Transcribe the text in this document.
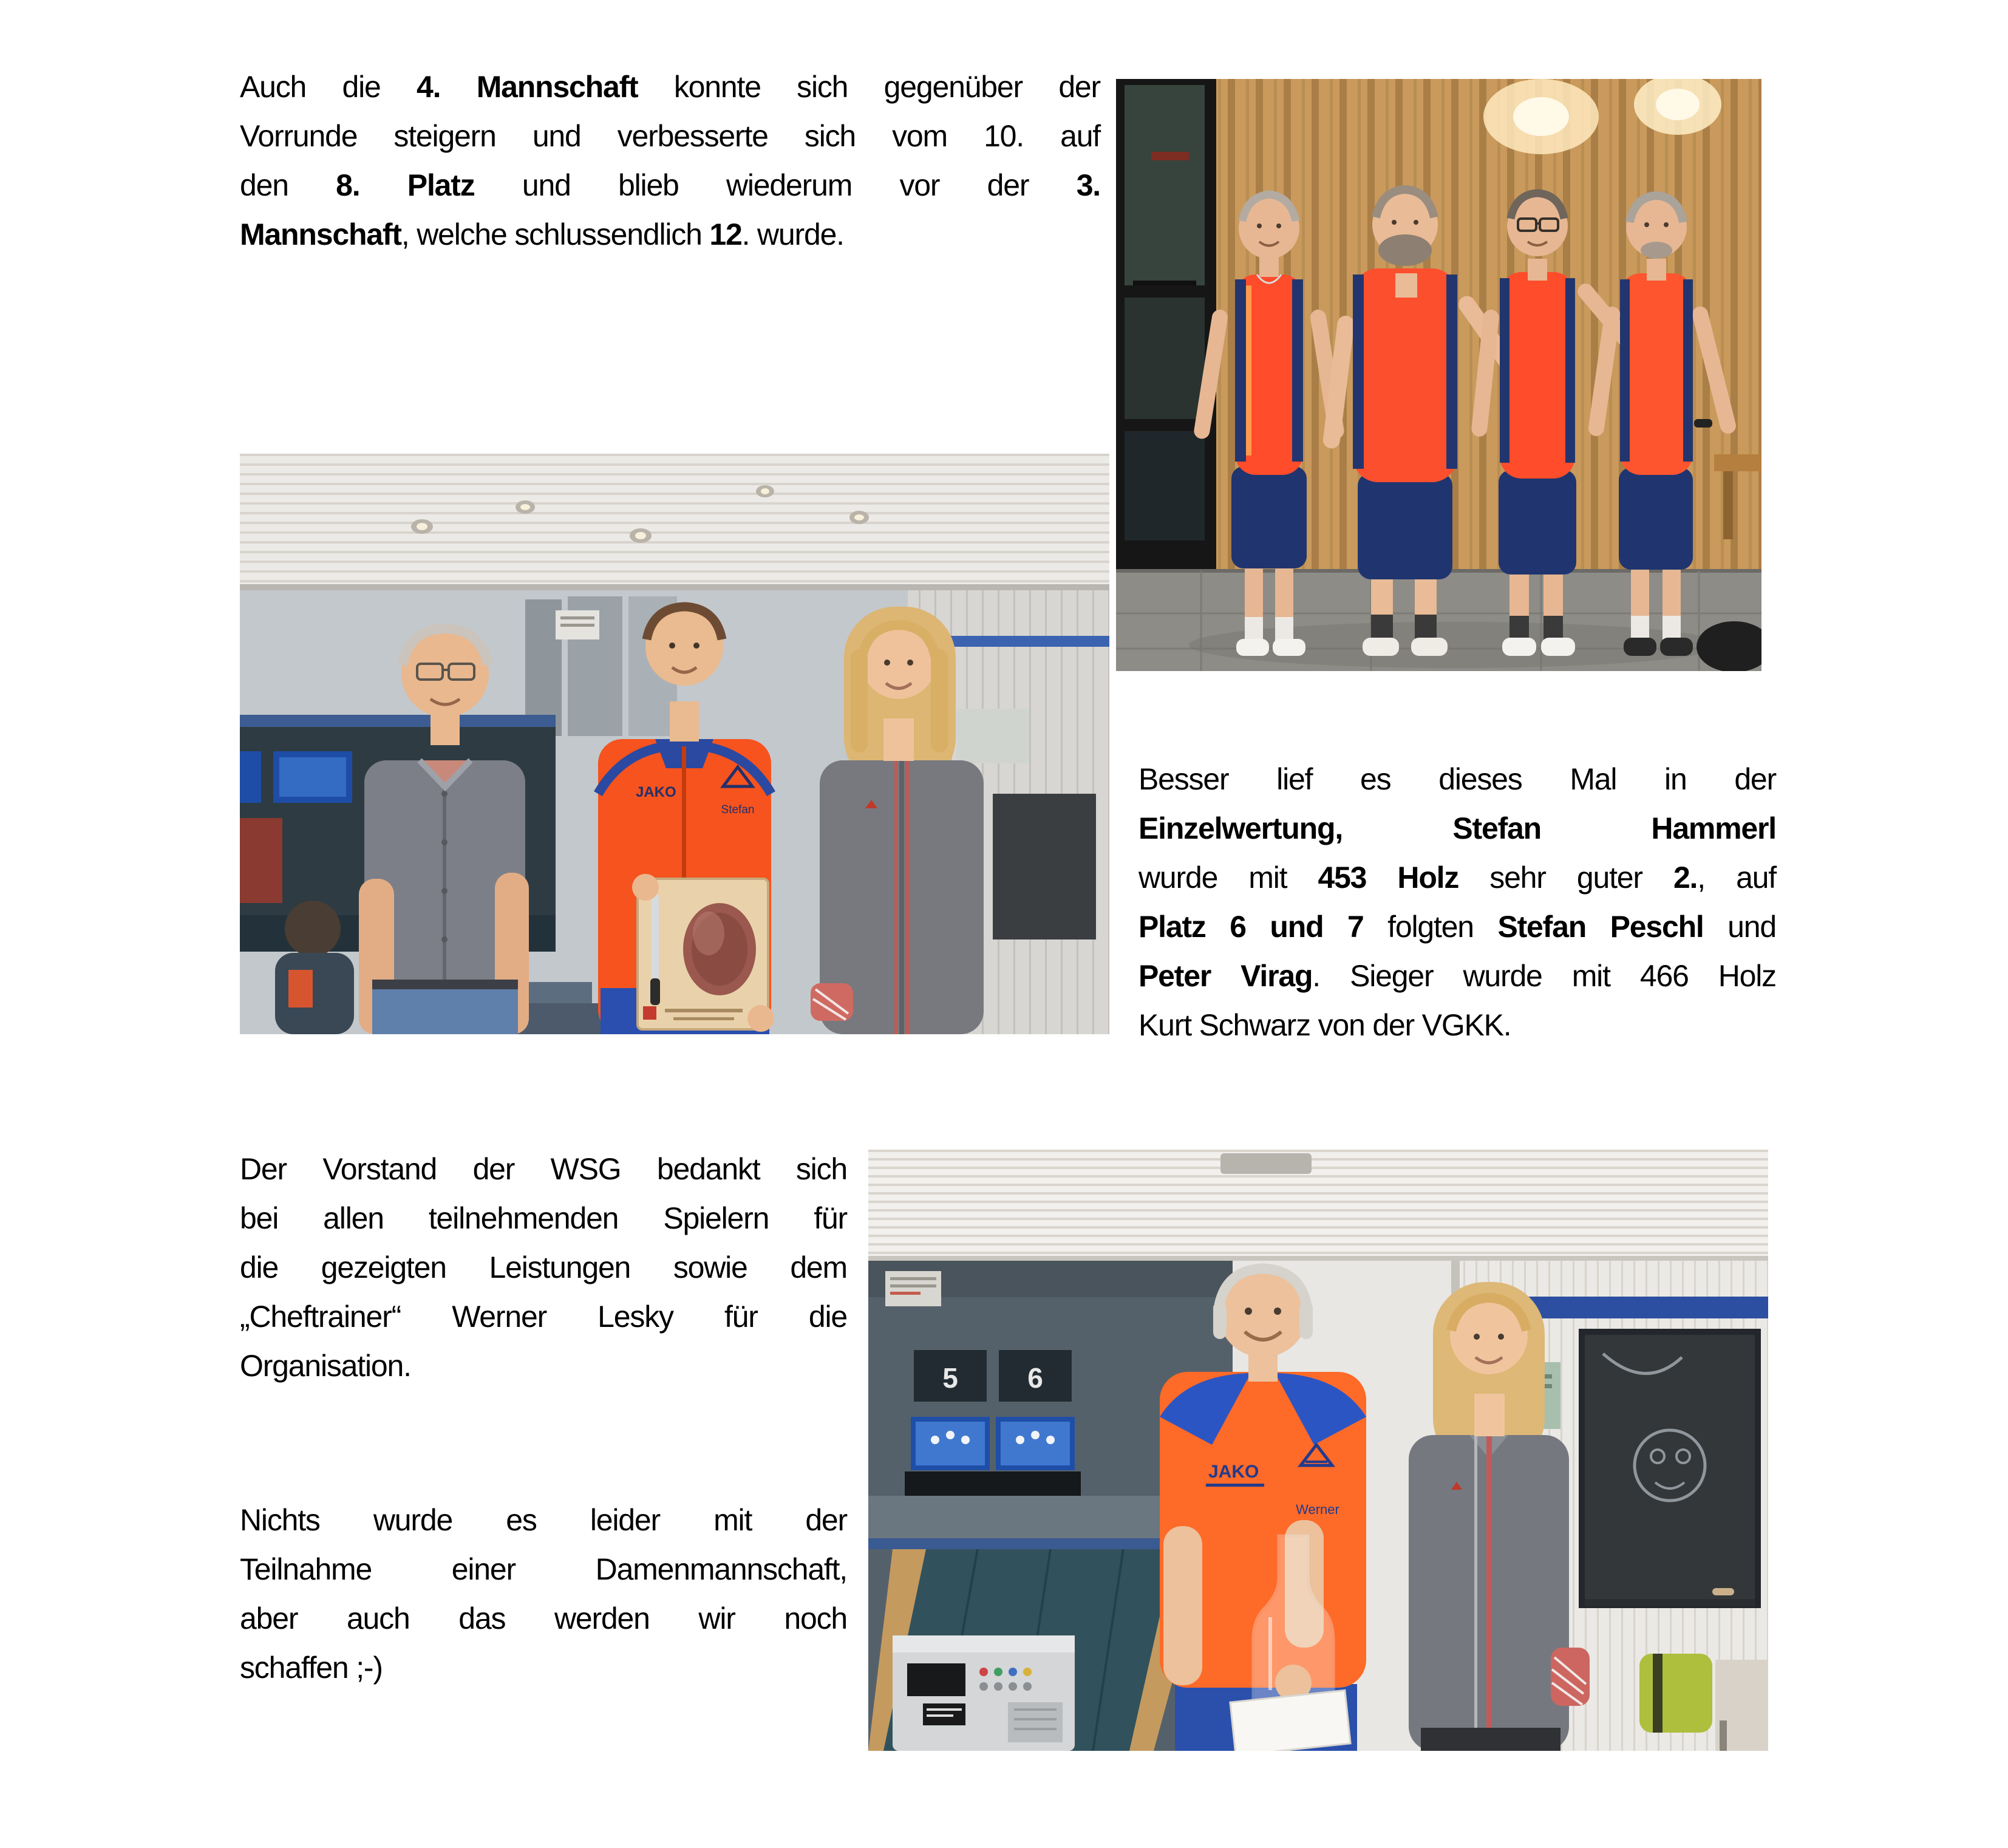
Auch die 4. Mannschaft konnte sich gegenüber der
Vorrunde steigern und verbesserte sich vom 10. auf
den 8. Platz und blieb wiederum vor der 3.
Mannschaft, welche schlussendlich 12. wurde.
JAKO
Stefan
Besser lief es dieses Mal in der
Einzelwertung, Stefan Hammerl
wurde mit 453 Holz sehr guter 2., auf
Platz 6 und 7 folgten Stefan Peschl und
Peter Virag. Sieger wurde mit 466 Holz
Kurt Schwarz von der VGKK.
Der Vorstand der WSG bedankt sich
bei allen teilnehmenden Spielern für
die gezeigten Leistungen sowie dem
„Cheftrainer“ Werner Lesky für die
Organisation.
Nichts wurde es leider mit der
Teilnahme einer Damenmannschaft,
aber auch das werden wir noch
schaffen ;-)
5 6
JAKO
Werner
